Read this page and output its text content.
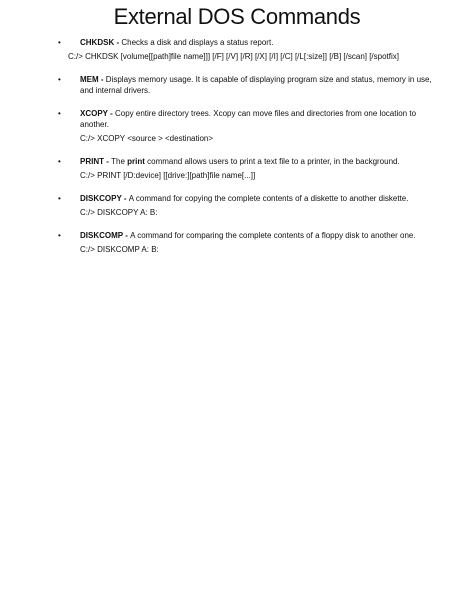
External DOS Commands
• CHKDSK - Checks a disk and displays a status report.
C:/> CHKDSK [volume[[path]file name]]] [/F] [/V] [/R] [/X] [/I] [/C] [/L[:size]] [/B] [/scan] [/spotfix]
• MEM - Displays memory usage. It is capable of displaying program size and status, memory in use, and internal drivers.
• XCOPY - Copy entire directory trees. Xcopy can move files and directories from one location to another.
C:/> XCOPY <source > <destination>
• PRINT - The print command allows users to print a text file to a printer, in the background.
C:/> PRINT [/D:device] [[drive:][path]file name[...]]
• DISKCOPY - A command for copying the complete contents of a diskette to another diskette.
C:/> DISKCOPY A: B:
• DISKCOMP - A command for comparing the complete contents of a floppy disk to another one.
C:/> DISKCOMP A: B:
